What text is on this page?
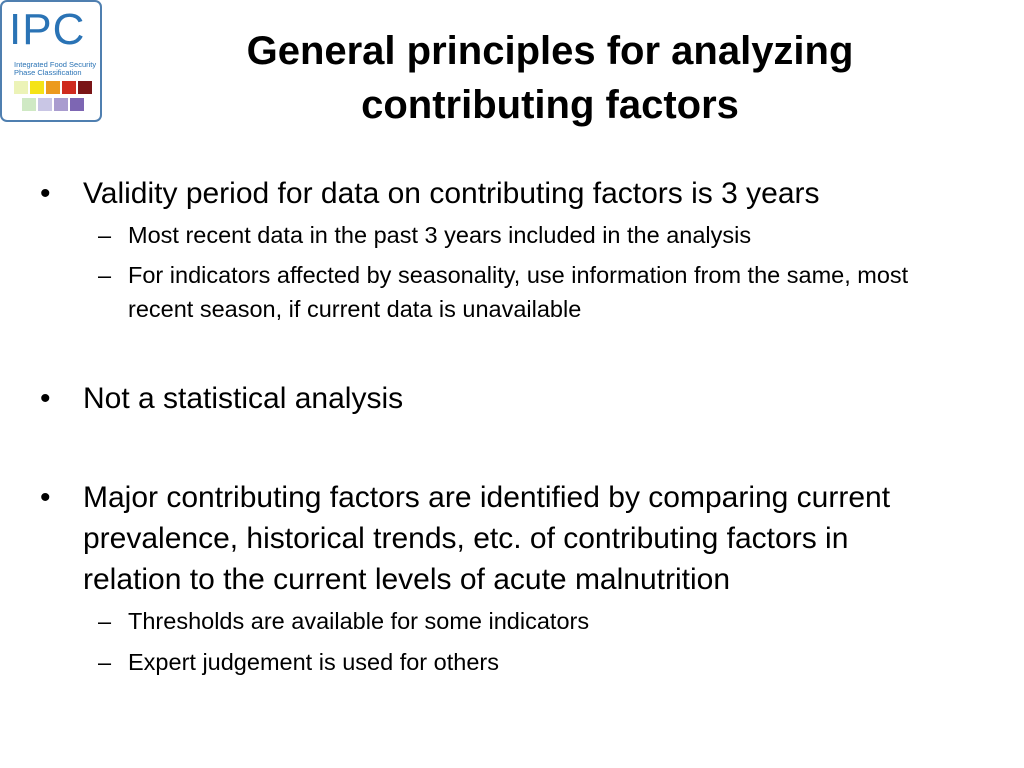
IPC
Integrated Food Security
Phase Classification	General principles for analyzing
contributing factors
• Validity period for data on contributing factors is 3 years
– Most recent data in the past 3 years included in the analysis
– For indicators affected by seasonality, use information from the same, most recent season, if current data is unavailable
• Not a statistical analysis
• Major contributing factors are identified by comparing current prevalence, historical trends, etc. of contributing factors in relation to the current levels of acute malnutrition
– Thresholds are available for some indicators
– Expert judgement is used for others
